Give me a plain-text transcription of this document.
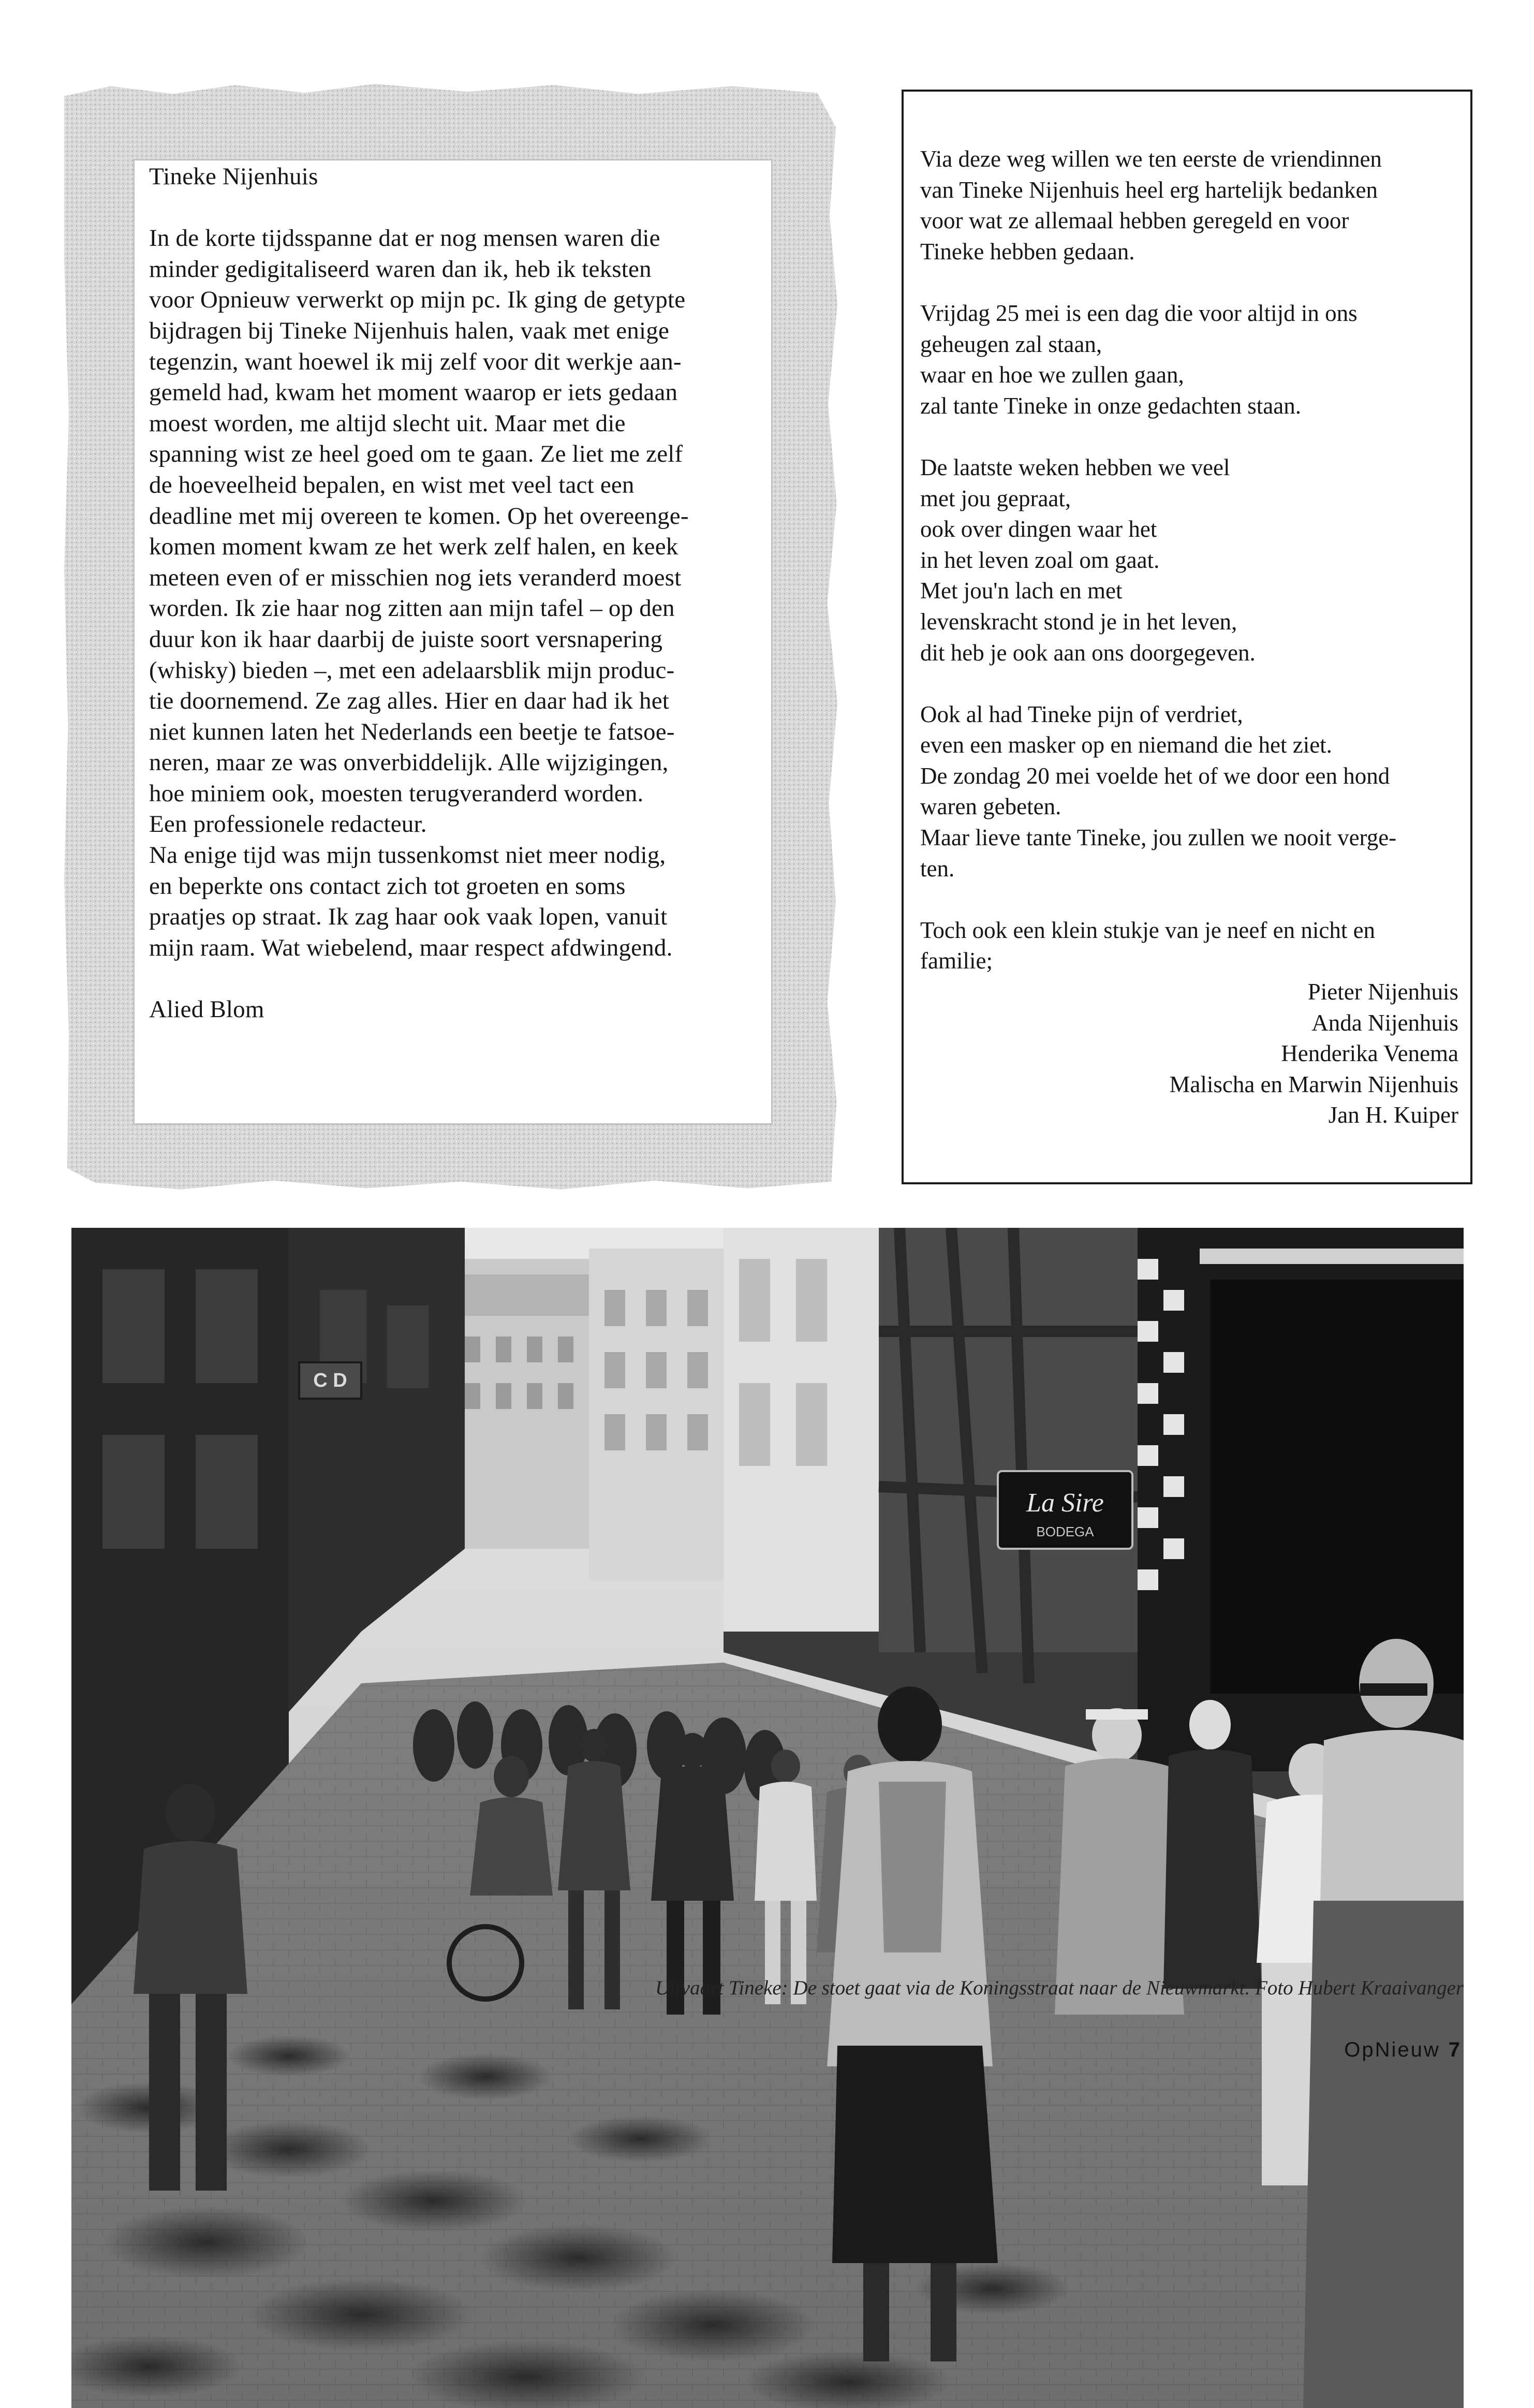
Tineke Nijenhuis

In de korte tijdsspanne dat er nog mensen waren die
minder gedigitaliseerd waren dan ik, heb ik teksten
voor Opnieuw verwerkt op mijn pc. Ik ging de getypte
bijdragen bij Tineke Nijenhuis halen, vaak met enige
tegenzin, want hoewel ik mij zelf voor dit werkje aan-
gemeld had, kwam het moment waarop er iets gedaan
moest worden, me altijd slecht uit. Maar met die
spanning wist ze heel goed om te gaan. Ze liet me zelf
de hoeveelheid bepalen, en wist met veel tact een
deadline met mij overeen te komen. Op het overeenge-
komen moment kwam ze het werk zelf halen, en keek
meteen even of er misschien nog iets veranderd moest
worden. Ik zie haar nog zitten aan mijn tafel – op den
duur kon ik haar daarbij de juiste soort versnapering
(whisky) bieden –, met een adelaarsblik mijn produc-
tie doornemend. Ze zag alles. Hier en daar had ik het
niet kunnen laten het Nederlands een beetje te fatsoe-
neren, maar ze was onverbiddelijk. Alle wijzigingen,
hoe miniem ook, moesten terugveranderd worden.
Een professionele redacteur.
Na enige tijd was mijn tussenkomst niet meer nodig,
en beperkte ons contact zich tot groeten en soms
praatjes op straat. Ik zag haar ook vaak lopen, vanuit
mijn raam. Wat wiebelend, maar respect afdwingend.

Alied Blom

Via deze weg willen we ten eerste de vriendinnen
van Tineke Nijenhuis heel erg hartelijk bedanken
voor wat ze allemaal hebben geregeld en voor
Tineke hebben gedaan.
Vrijdag 25 mei is een dag die voor altijd in ons
geheugen zal staan,
waar en hoe we zullen gaan,
zal tante Tineke in onze gedachten staan.
De laatste weken hebben we veel
met jou gepraat,
ook over dingen waar het
in het leven zoal om gaat.
Met jou'n lach en met
levenskracht stond je in het leven,
dit heb je ook aan ons doorgegeven.
Ook al had Tineke pijn of verdriet,
even een masker op en niemand die het ziet.
De zondag 20 mei voelde het of we door een hond
waren gebeten.
Maar lieve tante Tineke, jou zullen we nooit verge-
ten.
Toch ook een klein stukje van je neef en nicht en
familie;
Pieter Nijenhuis
Anda Nijenhuis
Henderika Venema
Malischa en Marwin Nijenhuis
Jan H. Kuiper
C D
La Sire
BODEGA
Uitvaart Tineke: De stoet gaat via de Koningsstraat naar de Nieuwmarkt. Foto Hubert Kraaivanger
OpNieuw 7
